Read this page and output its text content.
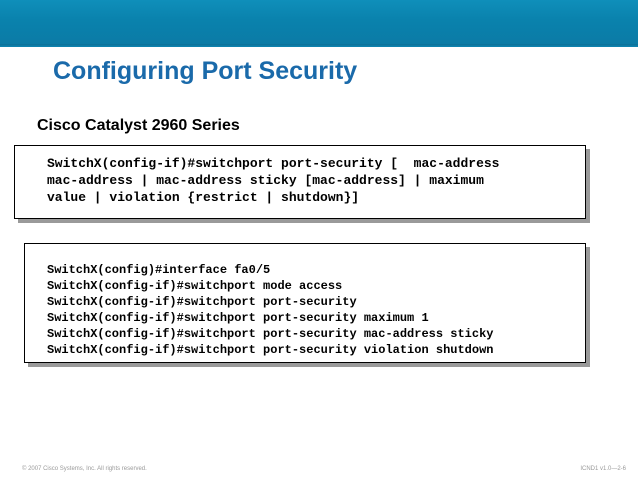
Configuring Port Security
Cisco Catalyst 2960 Series
SwitchX(config-if)#switchport port-security [  mac-address
mac-address | mac-address sticky [mac-address] | maximum
value | violation {restrict | shutdown}]
SwitchX(config)#interface fa0/5
SwitchX(config-if)#switchport mode access
SwitchX(config-if)#switchport port-security
SwitchX(config-if)#switchport port-security maximum 1
SwitchX(config-if)#switchport port-security mac-address sticky
SwitchX(config-if)#switchport port-security violation shutdown
© 2007 Cisco Systems, Inc. All rights reserved.	ICND1 v1.0—2-6
